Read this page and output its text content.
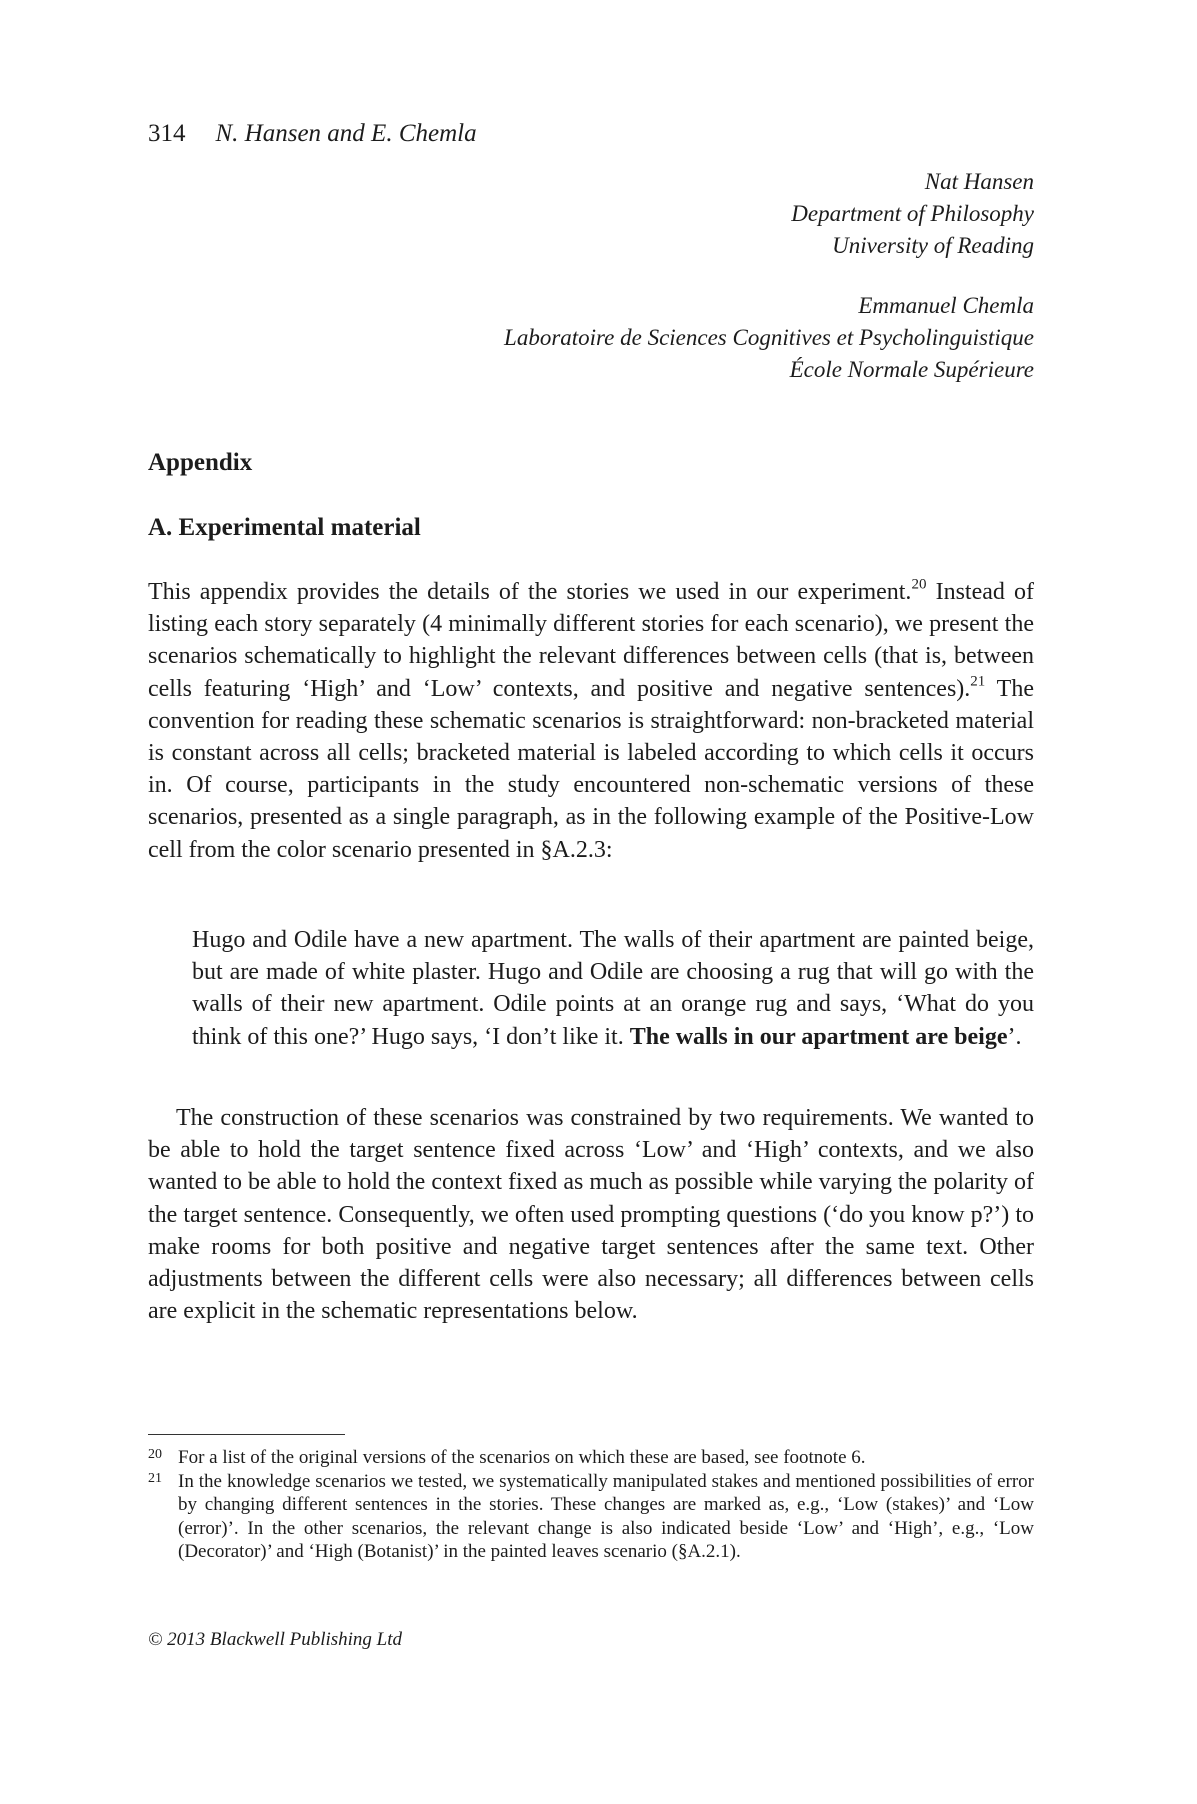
314 N. Hansen and E. Chemla
Nat Hansen
Department of Philosophy
University of Reading
Emmanuel Chemla
Laboratoire de Sciences Cognitives et Psycholinguistique
École Normale Supérieure
Appendix
A. Experimental material

This appendix provides the details of the stories we used in our experiment.$^{20}$ Instead of listing each story separately (4 minimally different stories for each scenario), we present the scenarios schematically to highlight the relevant differences between cells (that is, between cells featuring ‘High’ and ‘Low’ contexts, and positive and negative sentences).$^{21}$ The convention for reading these schematic scenarios is straightforward: non-bracketed material is constant across all cells; bracketed material is labeled according to which cells it occurs in. Of course, participants in the study encountered non-schematic versions of these scenarios, presented as a single paragraph, as in the following example of the Positive-Low cell from the color scenario presented in §A.2.3:

Hugo and Odile have a new apartment. The walls of their apartment are painted beige, but are made of white plaster. Hugo and Odile are choosing a rug that will go with the walls of their new apartment. Odile points at an orange rug and says, ‘What do you think of this one?’ Hugo says, ‘I don’t like it. The walls in our apartment are beige’.

The construction of these scenarios was constrained by two requirements. We wanted to be able to hold the target sentence fixed across ‘Low’ and ‘High’ contexts, and we also wanted to be able to hold the context fixed as much as possible while varying the polarity of the target sentence. Consequently, we often used prompting questions (‘do you know p?’) to make rooms for both positive and negative target sentences after the same text. Other adjustments between the different cells were also necessary; all differences between cells are explicit in the schematic representations below.

20 For a list of the original versions of the scenarios on which these are based, see footnote 6.
21 In the knowledge scenarios we tested, we systematically manipulated stakes and mentioned possibilities of error by changing different sentences in the stories. These changes are marked as, e.g., ‘Low (stakes)’ and ‘Low (error)’. In the other scenarios, the relevant change is also indicated beside ‘Low’ and ‘High’, e.g., ‘Low (Decorator)’ and ‘High (Botanist)’ in the painted leaves scenario (§A.2.1).
© 2013 Blackwell Publishing Ltd
